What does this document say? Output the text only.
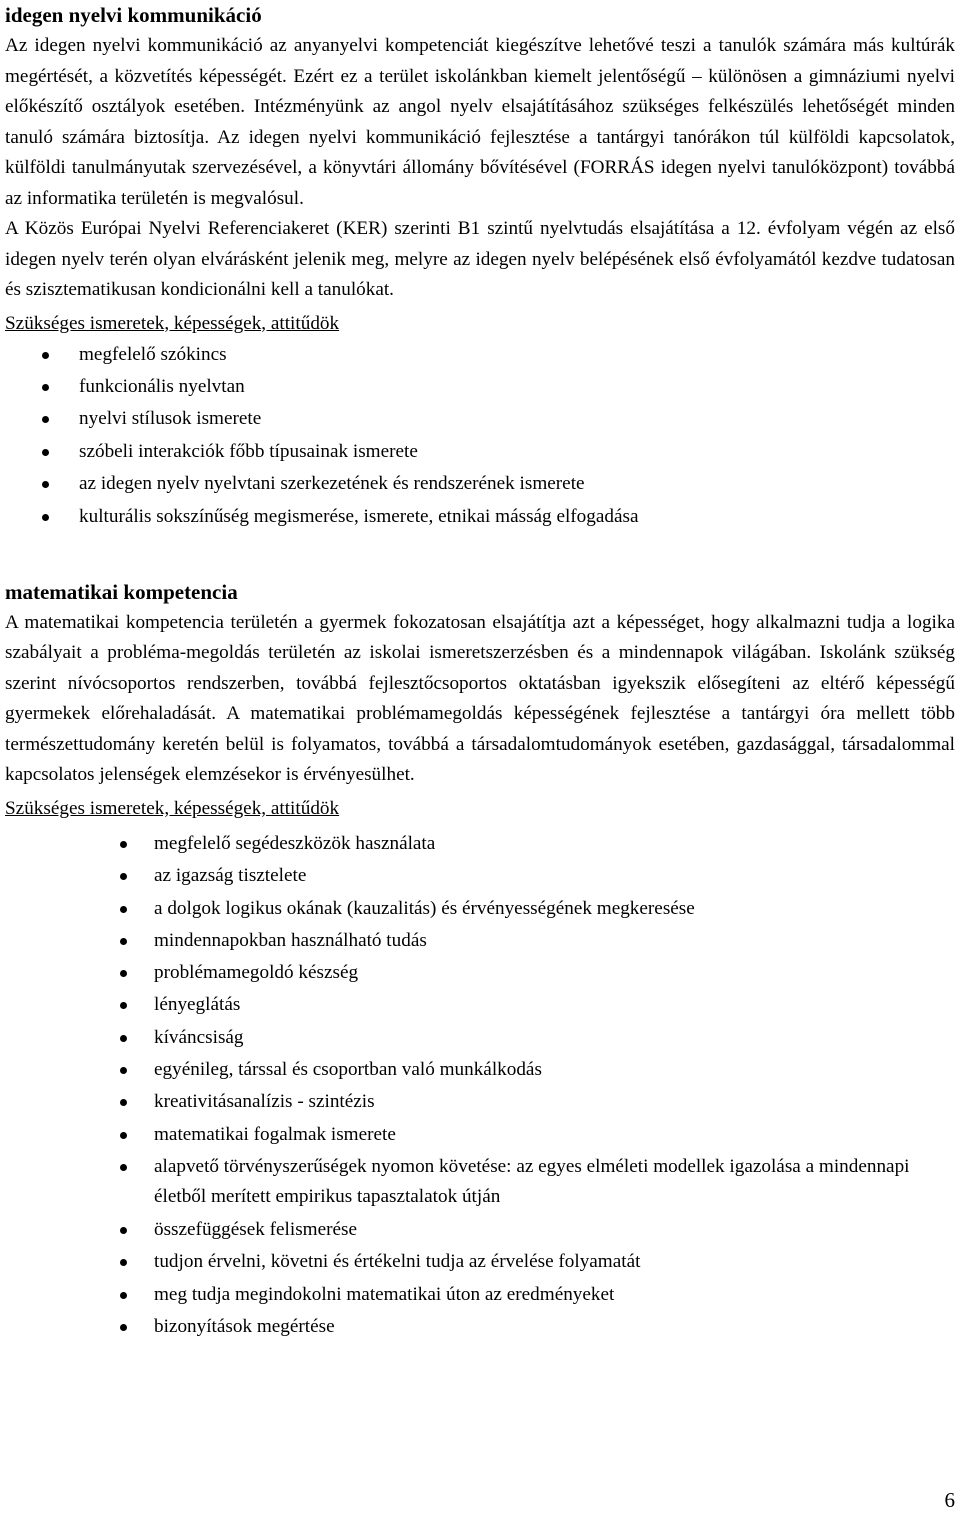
idegen nyelvi kommunikáció

Az idegen nyelvi kommunikáció az anyanyelvi kompetenciát kiegészítve lehetővé teszi a tanulók számára más kultúrák megértését, a közvetítés képességét. Ezért ez a terület iskolánkban kiemelt jelentőségű – különösen a gimnáziumi nyelvi előkészítő osztályok esetében. Intézményünk az angol nyelv elsajátításához szükséges felkészülés lehetőségét minden tanuló számára biztosítja. Az idegen nyelvi kommunikáció fejlesztése a tantárgyi tanórákon túl külföldi kapcsolatok, külföldi tanulmányutak szervezésével, a könyvtári állomány bővítésével (FORRÁS idegen nyelvi tanulóközpont) továbbá az informatika területén is megvalósul.

A Közös Európai Nyelvi Referenciakeret (KER) szerinti B1 szintű nyelvtudás elsajátítása a 12. évfolyam végén az első idegen nyelv terén olyan elvárásként jelenik meg, melyre az idegen nyelv belépésének első évfolyamától kezdve tudatosan és szisztematikusan kondicionálni kell a tanulókat.

Szükséges ismeretek, képességek, attitűdök
megfelelő szókincs
funkcionális nyelvtan
nyelvi stílusok ismerete
szóbeli interakciók főbb típusainak ismerete
az idegen nyelv nyelvtani szerkezetének és rendszerének ismerete
kulturális sokszínűség megismerése, ismerete, etnikai másság elfogadása
matematikai kompetencia

A matematikai kompetencia területén a gyermek fokozatosan elsajátítja azt a képességet, hogy alkalmazni tudja a logika szabályait a probléma-megoldás területén az iskolai ismeretszerzésben és a mindennapok világában. Iskolánk szükség szerint nívócsoportos rendszerben, továbbá fejlesztőcsoportos oktatásban igyekszik elősegíteni az eltérő képességű gyermekek előrehaladását. A matematikai problémamegoldás képességének fejlesztése a tantárgyi óra mellett több természettudomány keretén belül is folyamatos, továbbá a társadalomtudományok esetében, gazdasággal, társadalommal kapcsolatos jelenségek elemzésekor is érvényesülhet.

Szükséges ismeretek, képességek, attitűdök
megfelelő segédeszközök használata
az igazság tisztelete
a dolgok logikus okának (kauzalitás) és érvényességének megkeresése
mindennapokban használható tudás
problémamegoldó készség
lényeglátás
kíváncsiság
egyénileg, társsal és csoportban való munkálkodás
kreativitásanalízis - szintézis
matematikai fogalmak ismerete
alapvető törvényszerűségek nyomon követése: az egyes elméleti modellek igazolása a mindennapi életből merített empirikus tapasztalatok útján
összefüggések felismerése
tudjon érvelni, követni és értékelni tudja az érvelése folyamatát
meg tudja megindokolni matematikai úton az eredményeket
bizonyítások megértése
6
